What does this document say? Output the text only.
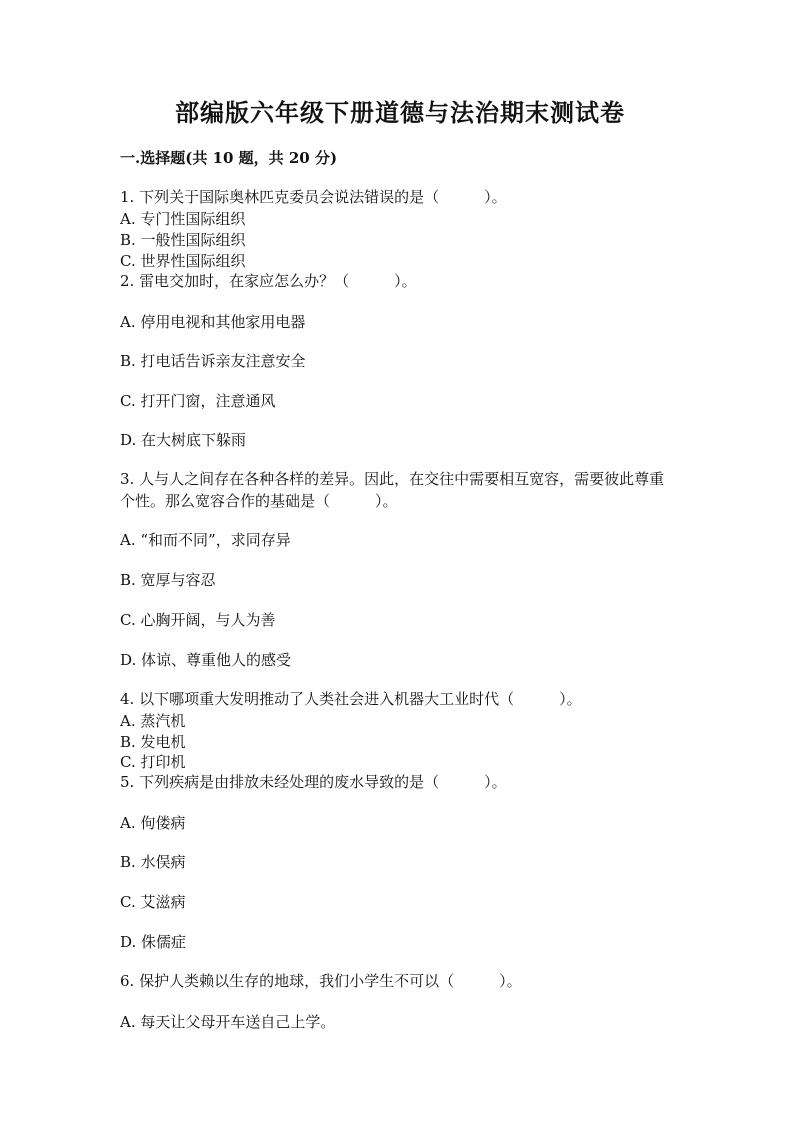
部编版六年级下册道德与法治期末测试卷
一.选择题(共 10 题，共 20 分)
1. 下列关于国际奥林匹克委员会说法错误的是（　　　）。
A. 专门性国际组织
B. 一般性国际组织
C. 世界性国际组织
2. 雷电交加时，在家应怎么办？（　　　）。
A. 停用电视和其他家用电器
B. 打电话告诉亲友注意安全
C. 打开门窗，注意通风
D. 在大树底下躲雨
3. 人与人之间存在各种各样的差异。因此，在交往中需要相互宽容，需要彼此尊重个性。那么宽容合作的基础是（　　　）。
A. “和而不同”，求同存异
B. 宽厚与容忍
C. 心胸开阔，与人为善
D. 体谅、尊重他人的感受
4. 以下哪项重大发明推动了人类社会进入机器大工业时代（　　　）。
A. 蒸汽机
B. 发电机
C. 打印机
5. 下列疾病是由排放未经处理的废水导致的是（　　　）。
A. 佝偻病
B. 水俣病
C. 艾滋病
D. 侏儒症
6. 保护人类赖以生存的地球，我们小学生不可以（　　　）。
A. 每天让父母开车送自己上学。
